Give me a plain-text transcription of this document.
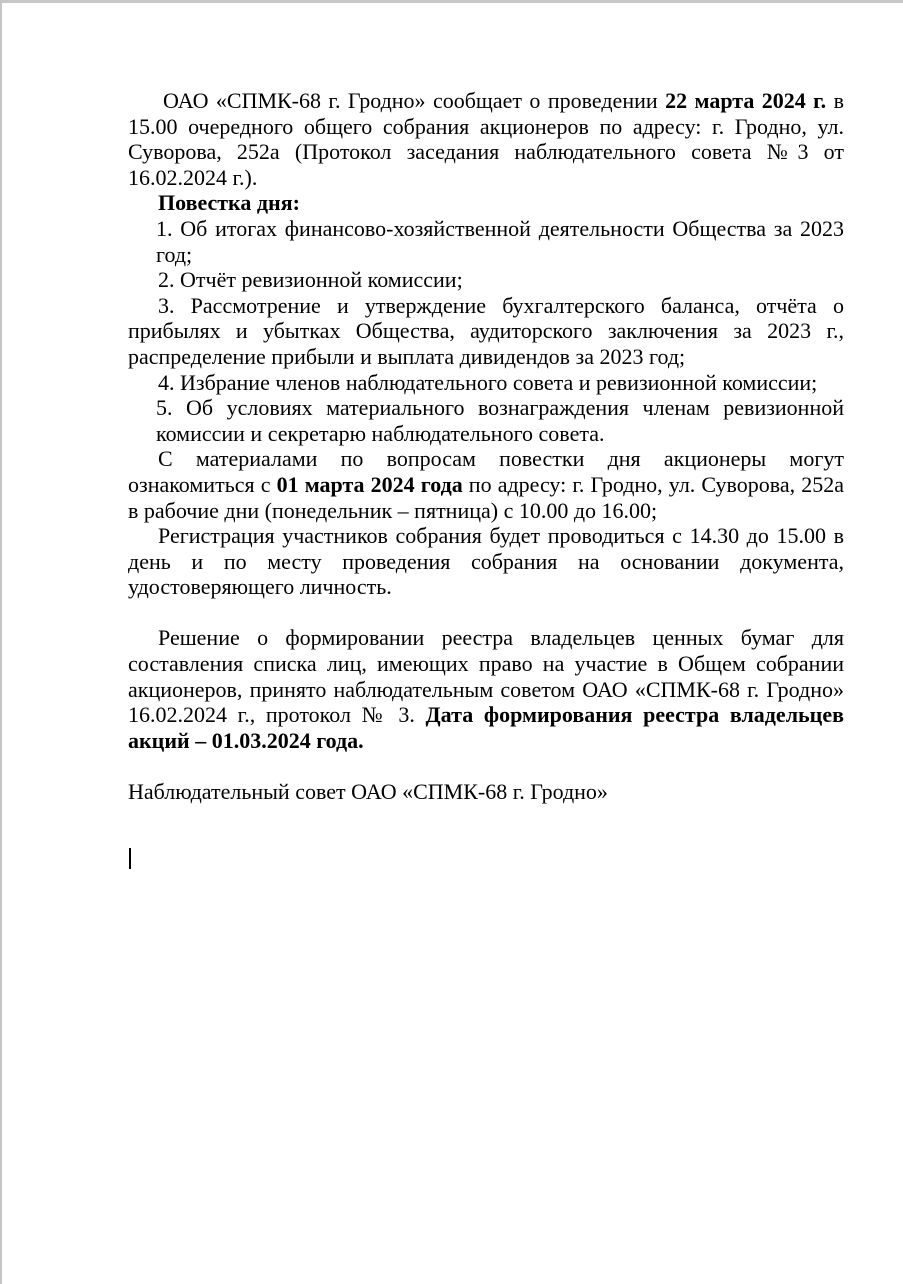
ОАО «СПМК-68 г. Гродно» сообщает о проведении 22 марта 2024 г. в 15.00 очередного общего собрания акционеров по адресу: г. Гродно, ул. Суворова, 252а (Протокол заседания наблюдательного совета №3 от 16.02.2024 г.).

Повестка дня:

1. Об итогах финансово-хозяйственной деятельности Общества за 2023 год;

2. Отчёт ревизионной комиссии;

3. Рассмотрение и утверждение бухгалтерского баланса, отчёта о прибылях и убытках Общества, аудиторского заключения за 2023 г., распределение прибыли и выплата дивидендов за 2023 год;

4. Избрание членов наблюдательного совета и ревизионной комиссии;

5. Об условиях материального вознаграждения членам ревизионной комиссии и секретарю наблюдательного совета.

С материалами по вопросам повестки дня акционеры могут ознакомиться с 01 марта 2024 года по адресу: г. Гродно, ул. Суворова, 252а в рабочие дни (понедельник – пятница) с 10.00 до 16.00;

Регистрация участников собрания будет проводиться с 14.30 до 15.00 в день и по месту проведения собрания на основании документа, удостоверяющего личность.

Решение о формировании реестра владельцев ценных бумаг для составления списка лиц, имеющих право на участие в Общем собрании акционеров, принято наблюдательным советом ОАО «СПМК-68 г. Гродно» 16.02.2024 г., протокол № 3. Дата формирования реестра владельцев акций – 01.03.2024 года.

Наблюдательный совет ОАО «СПМК-68 г. Гродно»
